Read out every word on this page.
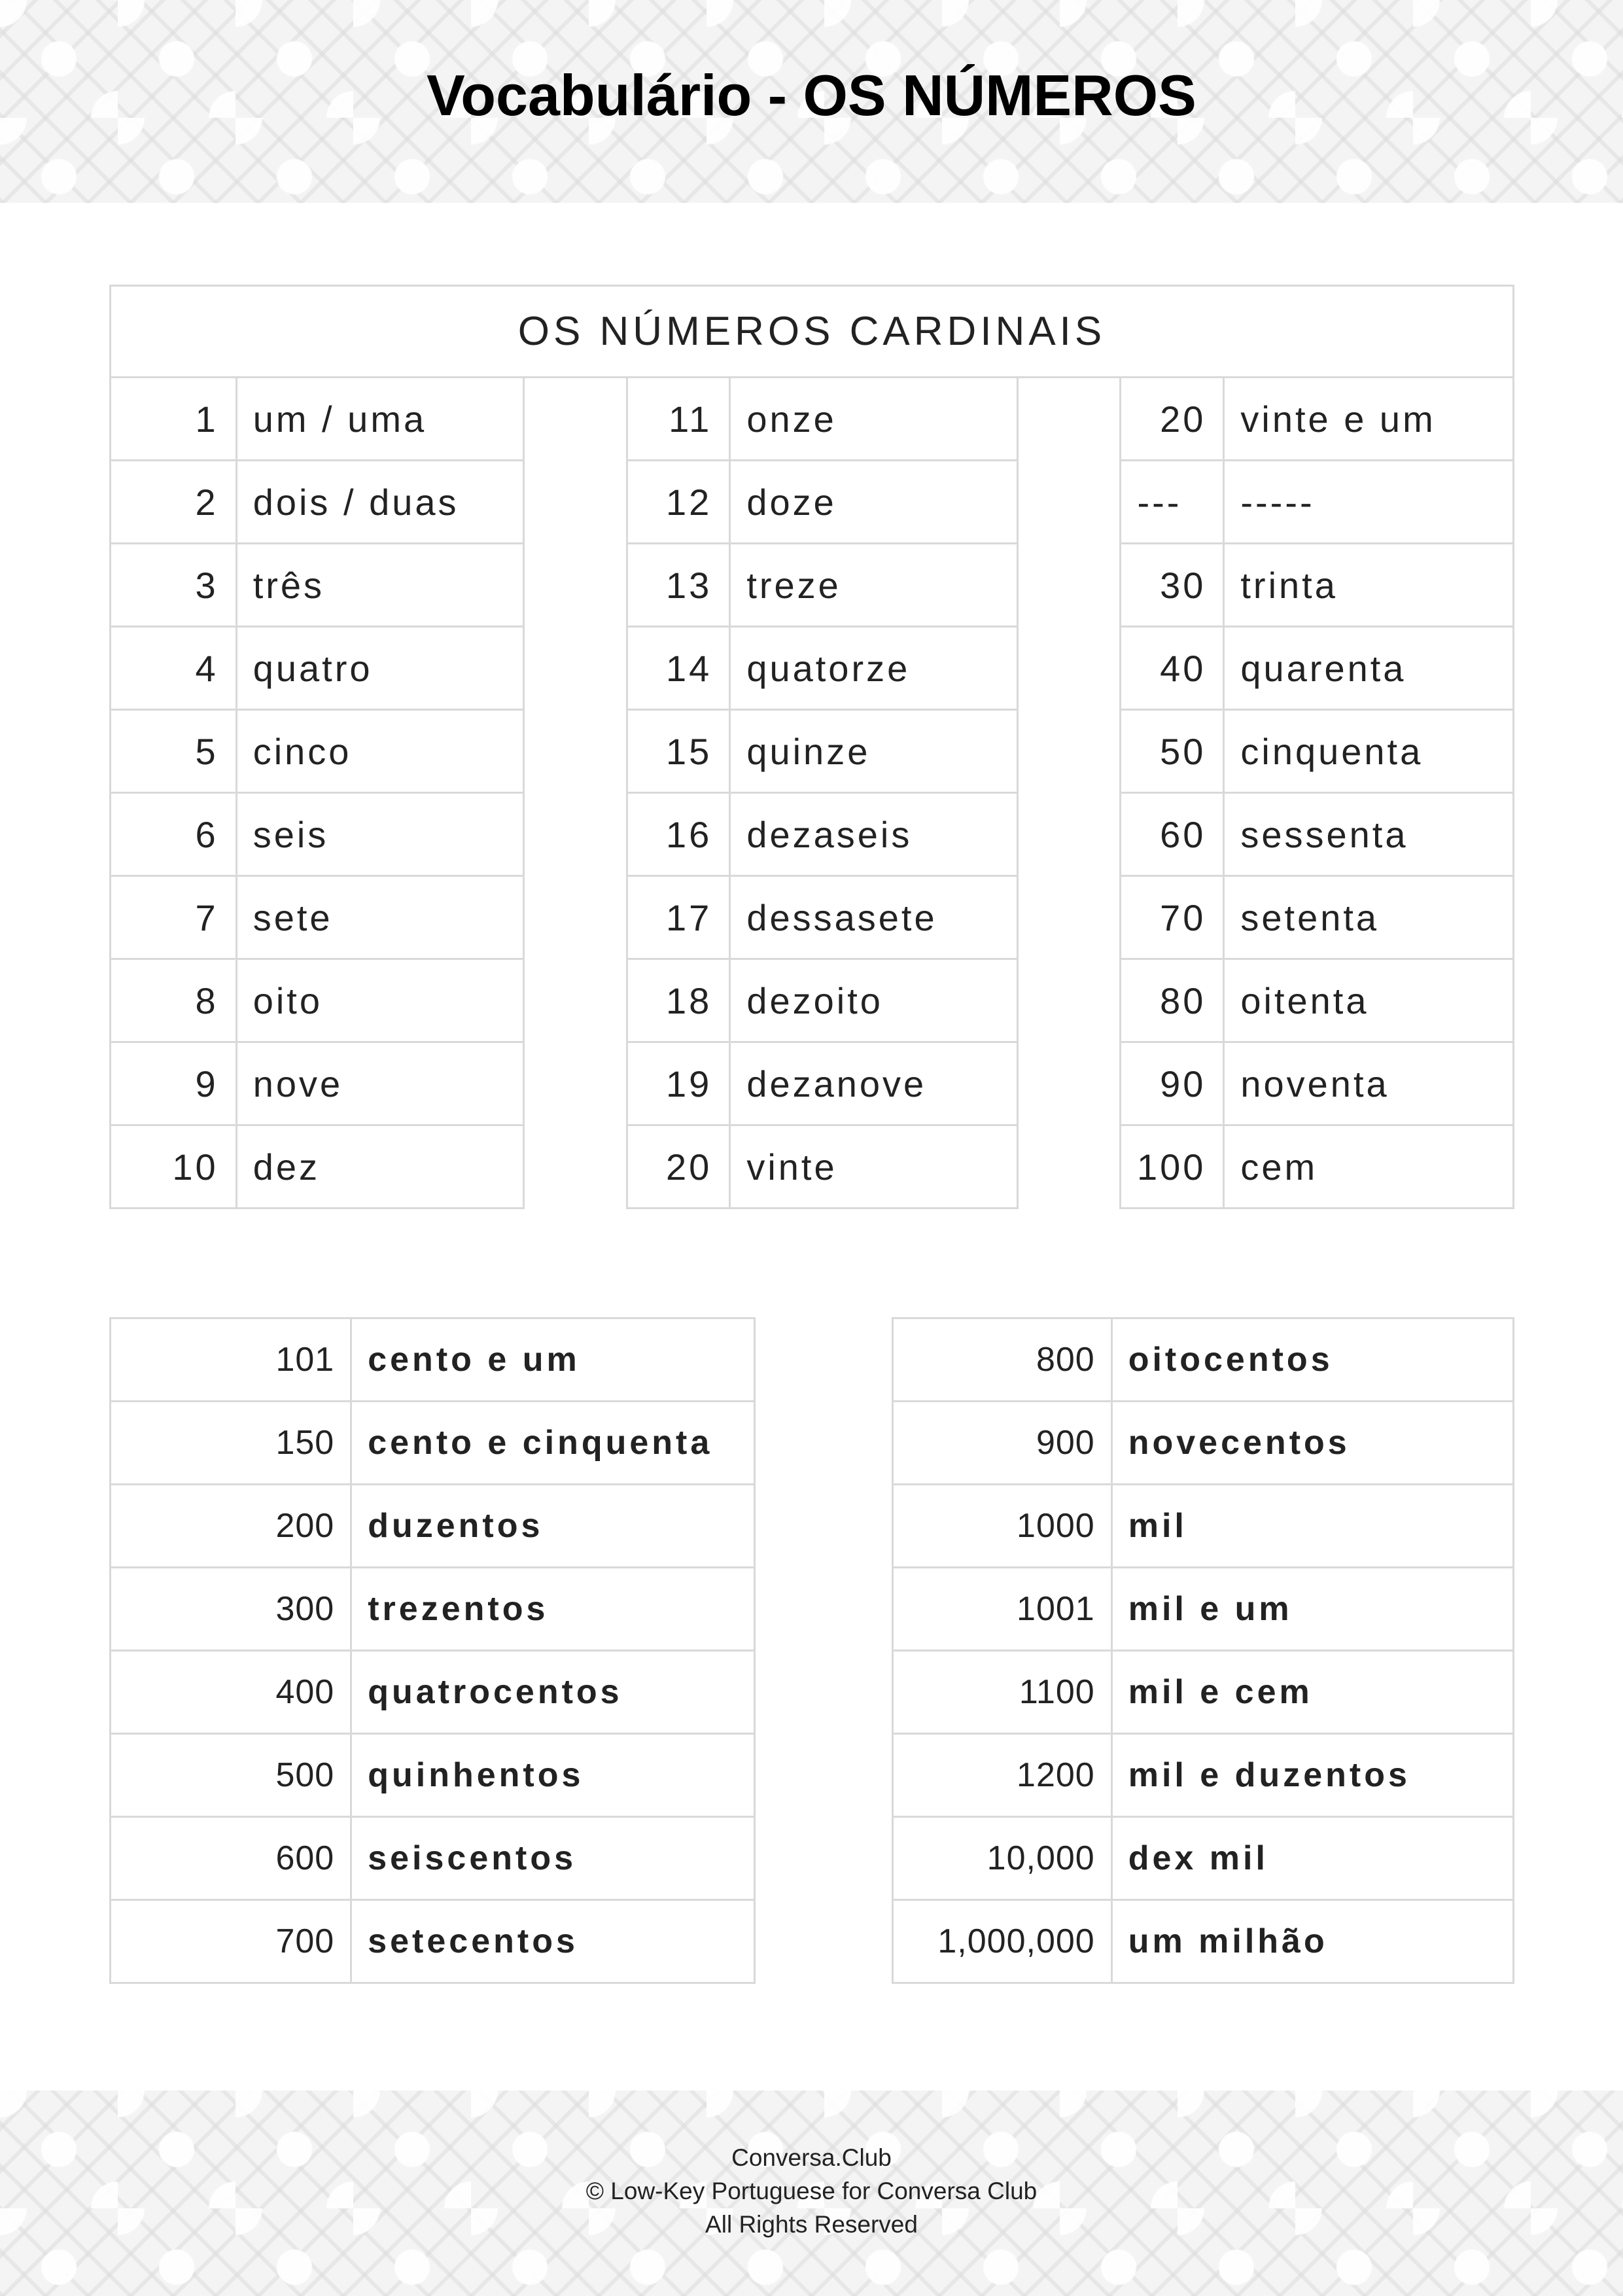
Vocabulário - OS NÚMEROS
OS NÚMEROS CARDINAIS							
1	um / uma		11	onze		20	vinte e um
2	dois / duas		12	doze		---	-----
3	três		13	treze		30	trinta
4	quatro		14	quatorze		40	quarenta
5	cinco		15	quinze		50	cinquenta
6	seis		16	dezaseis		60	sessenta
7	sete		17	dessasete		70	setenta
8	oito		18	dezoito		80	oitenta
9	nove		19	dezanove		90	noventa
10	dez		20	vinte		100	cem
101	cento e um		800	oitocentos
150	cento e cinquenta		900	novecentos
200	duzentos		1000	mil
300	trezentos		1001	mil e um
400	quatrocentos		1100	mil e cem
500	quinhentos		1200	mil e duzentos
600	seiscentos		10,000	dex mil
700	setecentos		1,000,000	um milhão
Conversa.Club
© Low-Key Portuguese for Conversa Club
All Rights Reserved
